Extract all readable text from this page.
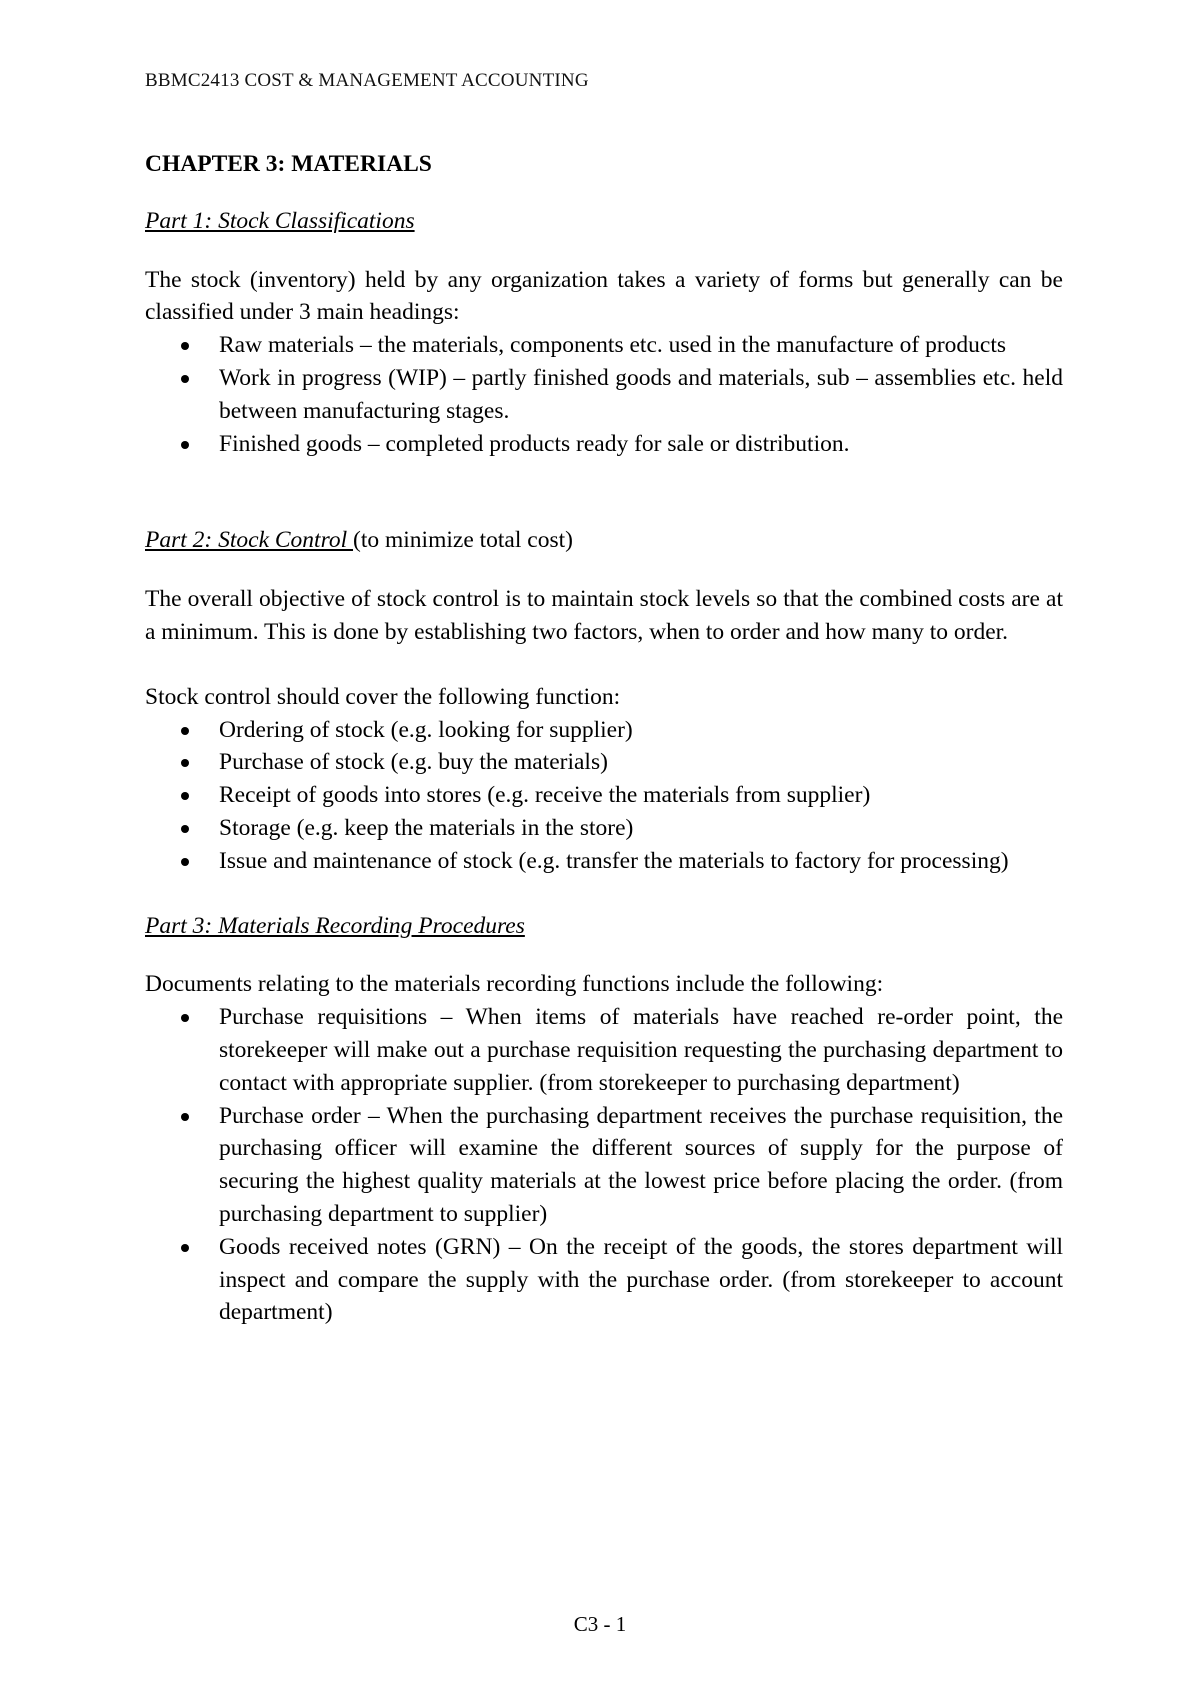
BBMC2413 COST & MANAGEMENT ACCOUNTING
CHAPTER 3: MATERIALS
Part 1: Stock Classifications

The stock (inventory) held by any organization takes a variety of forms but generally can be classified under 3 main headings:

Raw materials – the materials, components etc. used in the manufacture of products
Work in progress (WIP) – partly finished goods and materials, sub – assemblies etc. held between manufacturing stages.
Finished goods – completed products ready for sale or distribution.
Part 2: Stock Control (to minimize total cost)

The overall objective of stock control is to maintain stock levels so that the combined costs are at a minimum. This is done by establishing two factors, when to order and how many to order.

Stock control should cover the following function:

Ordering of stock (e.g. looking for supplier)
Purchase of stock (e.g. buy the materials)
Receipt of goods into stores (e.g. receive the materials from supplier)
Storage (e.g. keep the materials in the store)
Issue and maintenance of stock (e.g. transfer the materials to factory for processing)
Part 3: Materials Recording Procedures

Documents relating to the materials recording functions include the following:

Purchase requisitions – When items of materials have reached re-order point, the storekeeper will make out a purchase requisition requesting the purchasing department to contact with appropriate supplier. (from storekeeper to purchasing department)
Purchase order – When the purchasing department receives the purchase requisition, the purchasing officer will examine the different sources of supply for the purpose of securing the highest quality materials at the lowest price before placing the order. (from purchasing department to supplier)
Goods received notes (GRN) – On the receipt of the goods, the stores department will inspect and compare the supply with the purchase order. (from storekeeper to account department)
C3 - 1
